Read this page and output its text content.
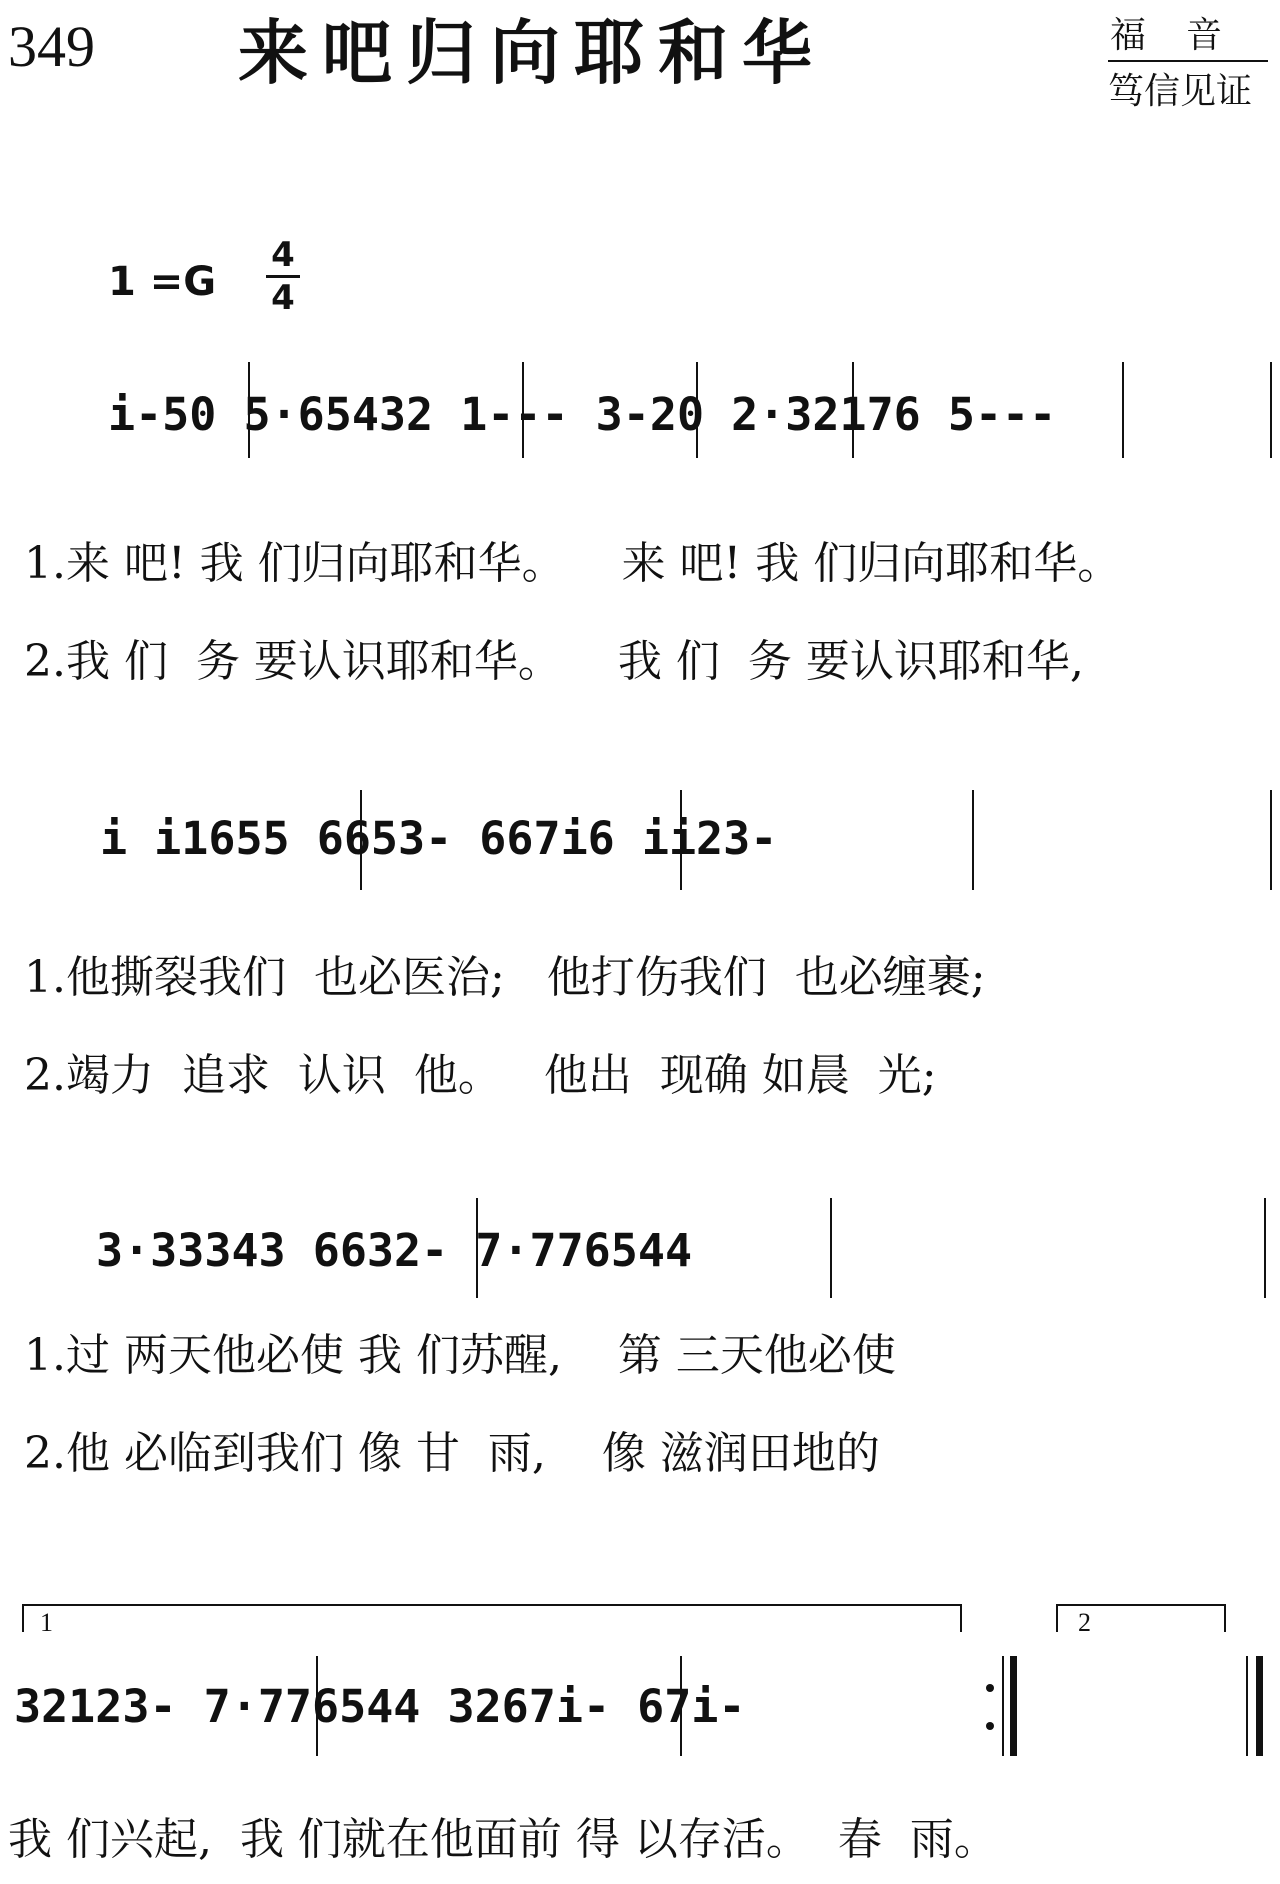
349 来吧归向耶和华	福音
笃信见证
1 =G
4
4
i-50 5·65432 1--- 3-20 2·32176 5---
1.来 吧! 我 们归向耶和华。    来 吧! 我 们归向耶和华。
2.我 们  务 要认识耶和华。    我 们  务 要认识耶和华,
i i1655 6653- 667i6 ii23-
1.他撕裂我们  也必医治;   他打伤我们  也必缠裹;
2.竭力  追求  认识  他。   他出  现确 如晨  光;
3·33343 6632- 7·776544
1.过 两天他必使 我 们苏醒,    第 三天他必使
2.他 必临到我们 像 甘  雨,    像 滋润田地的
1	2
32123- 7·776544 3267i- 67i-
我 们兴起,  我 们就在他面前 得 以存活。  春  雨。
